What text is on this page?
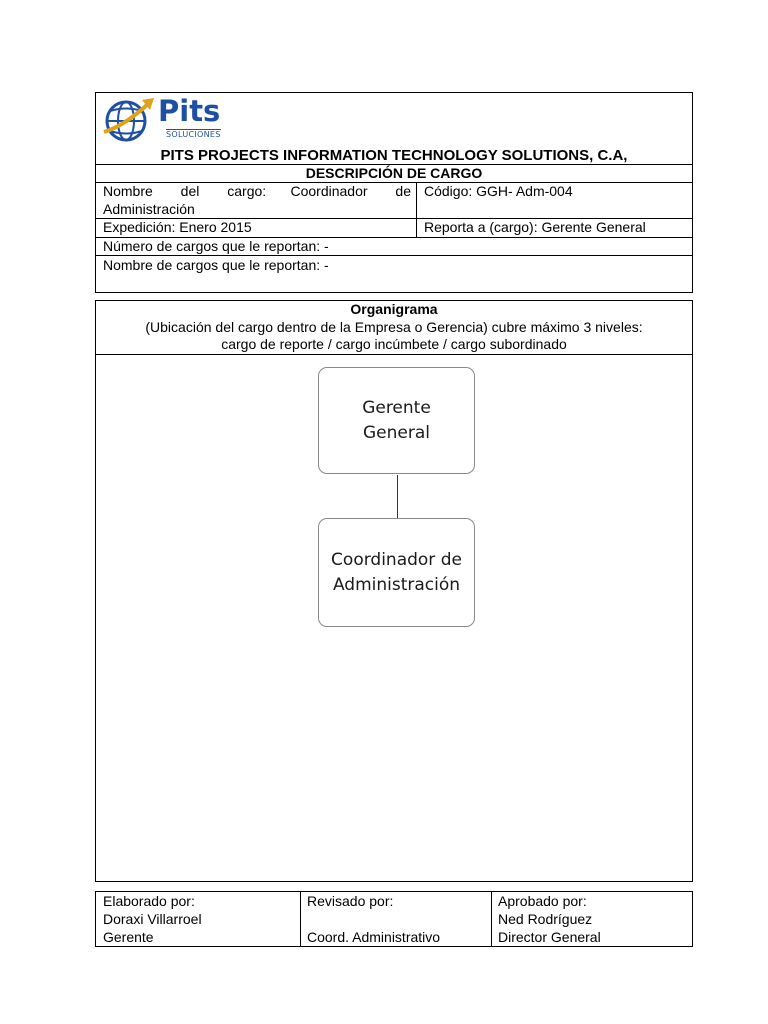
Pits
SOLUCIONES
PITS PROJECTS INFORMATION TECHNOLOGY SOLUTIONS, C.A,
DESCRIPCIÓN DE CARGO
Nombre del cargo: Coordinador de
Administración
Código: GGH- Adm-004
Expedición: Enero 2015	Reporta a (cargo): Gerente General
Número de cargos que le reportan: -
Nombre de cargos que le reportan: -
Organigrama
(Ubicación del cargo dentro de la Empresa o Gerencia) cubre máximo 3 niveles:
cargo de reporte / cargo incúmbete / cargo subordinado
Gerente
General
Coordinador de
Administración
Elaborado por:
Doraxi Villarroel
Gerente
Revisado por:
Coord. Administrativo
Aprobado por:
Ned Rodríguez
Director General
